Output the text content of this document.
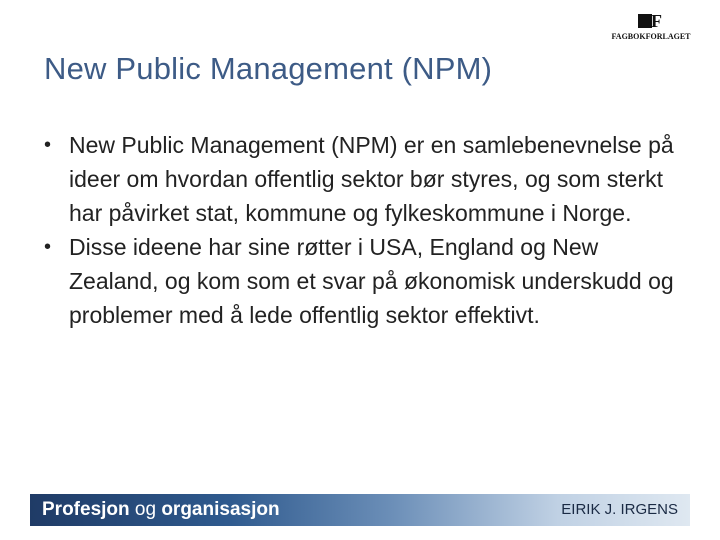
F
FAGBOKFORLAGET
New Public Management (NPM)
• New Public Management (NPM) er en samlebenevnelse på ideer om hvordan offentlig sektor bør styres, og som sterkt har påvirket stat, kommune og fylkeskommune i Norge.
• Disse ideene har sine røtter i USA, England og New Zealand, og kom som et svar på økonomisk underskudd og problemer med å lede offentlig sektor effektivt.
Profesjon og organisasjon	EIRIK J. IRGENS
